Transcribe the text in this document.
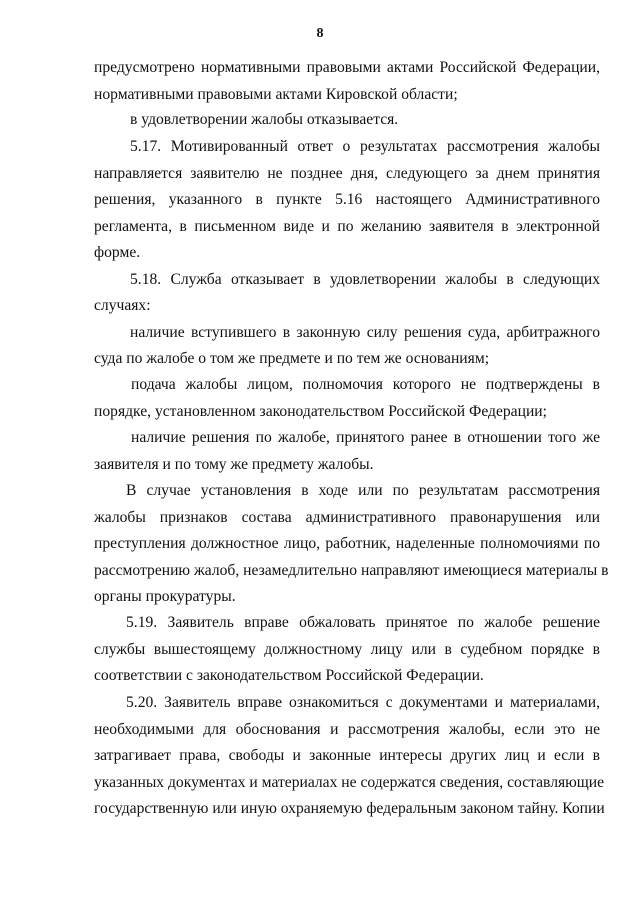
8
предусмотрено нормативными правовыми актами Российской Федерации,
нормативными правовыми актами Кировской области;
в удовлетворении жалобы отказывается.
5.17. Мотивированный ответ о результатах рассмотрения жалобы
направляется заявителю не позднее дня, следующего за днем принятия
решения, указанного в пункте 5.16 настоящего Административного
регламента, в письменном виде и по желанию заявителя в электронной
форме.
5.18. Служба отказывает в удовлетворении жалобы в следующих
случаях:
наличие вступившего в законную силу решения суда, арбитражного
суда по жалобе о том же предмете и по тем же основаниям;
подача жалобы лицом, полномочия которого не подтверждены в
порядке, установленном законодательством Российской Федерации;
наличие решения по жалобе, принятого ранее в отношении того же
заявителя и по тому же предмету жалобы.
В случае установления в ходе или по результатам рассмотрения
жалобы признаков состава административного правонарушения или
преступления должностное лицо, работник, наделенные полномочиями по
рассмотрению жалоб, незамедлительно направляют имеющиеся материалы в
органы прокуратуры.
5.19. Заявитель вправе обжаловать принятое по жалобе решение
службы вышестоящему должностному лицу или в судебном порядке в
соответствии с законодательством Российской Федерации.
5.20. Заявитель вправе ознакомиться с документами и материалами,
необходимыми для обоснования и рассмотрения жалобы, если это не
затрагивает права, свободы и законные интересы других лиц и если в
указанных документах и материалах не содержатся сведения, составляющие
государственную или иную охраняемую федеральным законом тайну. Копии
